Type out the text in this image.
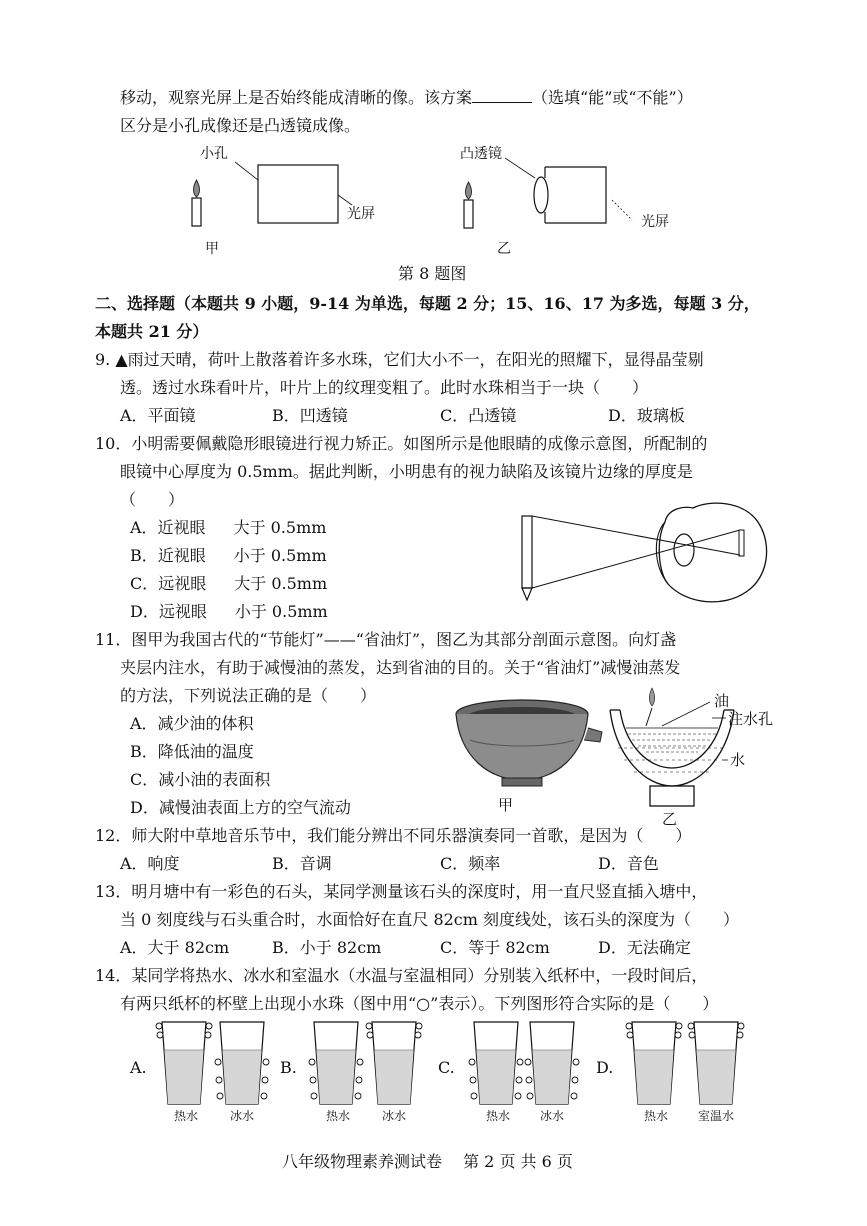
移动，观察光屏上是否始终能成清晰的像。该方案	（选填“能”或“不能”）
区分是小孔成像还是凸透镜成像。
小孔
光屏
甲
凸透镜
光屏
乙
第 8 题图
二、选择题（本题共 9 小题，9-14 为单选，每题 2 分；15、16、17 为多选，每题 3 分，
本题共 21 分）
9. ▲雨过天晴，荷叶上散落着许多水珠，它们大小不一，在阳光的照耀下，显得晶莹剔
透。透过水珠看叶片，叶片上的纹理变粗了。此时水珠相当于一块（　　）
A．平面镜	B．凹透镜	C．凸透镜	D．玻璃板
10．小明需要佩戴隐形眼镜进行视力矫正。如图所示是他眼睛的成像示意图，所配制的
眼镜中心厚度为 0.5mm。据此判断，小明患有的视力缺陷及该镜片边缘的厚度是
（　　）
A．近视眼 大于 0.5mm
B．近视眼 小于 0.5mm
C．远视眼 大于 0.5mm
D．远视眼 小于 0.5mm
11．图甲为我国古代的“节能灯”——“省油灯”，图乙为其部分剖面示意图。向灯盏
夹层内注水，有助于减慢油的蒸发，达到省油的目的。关于“省油灯”减慢油蒸发
的方法，下列说法正确的是（　　）
A．减少油的体积
B．降低油的温度
C．减小油的表面积
D．减慢油表面上方的空气流动	甲
油
注水孔
水
乙
12．师大附中草地音乐节中，我们能分辨出不同乐器演奏同一首歌，是因为（　　）
A．响度	B．音调	C．频率	D．音色
13．明月塘中有一彩色的石头，某同学测量该石头的深度时，用一直尺竖直插入塘中，
当 0 刻度线与石头重合时，水面恰好在直尺 82cm 刻度线处，该石头的深度为（　　）
A．大于 82cm	B．小于 82cm	C．等于 82cm	D．无法确定
14．某同学将热水、冰水和室温水（水温与室温相同）分别装入纸杯中，一段时间后，
有两只纸杯的杯壁上出现小水珠（图中用“○”表示）。下列图形符合实际的是（　　）
A.
热水	冰水
B.
热水	冰水
C.
热水 冰水
D.
热水 室温水
八年级物理素养测试卷　 第 2 页 共 6 页
